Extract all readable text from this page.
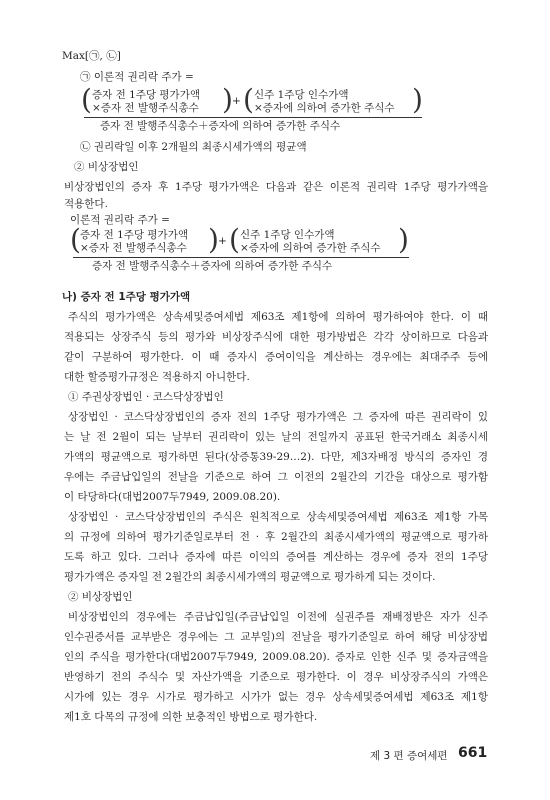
Max[㉠, ㉡]
㉠ 이론적 권리락 주가 =
( 증자 전 1주당 평가가액
×증자 전 발행주식총수 ) + ( 신주 1주당 인수가액
×증자에 의하여 증가한 주식수 )
증자 전 발행주식총수＋증자에 의하여 증가한 주식수
㉡ 권리락일 이후 2개월의 최종시세가액의 평균액
② 비상장법인
비상장법인의 증자 후 1주당 평가가액은 다음과 같은 이론적 권리락 1주당 평가가액을
적용한다.
이론적 권리락 주가 =
( 증자 전 1주당 평가가액
×증자 전 발행주식총수 ) + ( 신주 1주당 인수가액
×증자에 의하여 증가한 주식수 )
증자 전 발행주식총수＋증자에 의하여 증가한 주식수
나) 증자 전 1주당 평가가액
주식의 평가가액은 상속세및증여세법 제63조 제1항에 의하여 평가하여야 한다. 이 때
적용되는 상장주식 등의 평가와 비상장주식에 대한 평가방법은 각각 상이하므로 다음과
같이 구분하여 평가한다. 이 때 증자시 증여이익을 계산하는 경우에는 최대주주 등에
대한 할증평가규정은 적용하지 아니한다.
① 주권상장법인 · 코스닥상장법인
상장법인 · 코스닥상장법인의 증자 전의 1주당 평가가액은 그 증자에 따른 권리락이 있
는 날 전 2월이 되는 날부터 권리락이 있는 날의 전일까지 공표된 한국거래소 최종시세
가액의 평균액으로 평가하면 된다(상증통39-29…2). 다만, 제3자배정 방식의 증자인 경
우에는 주금납입일의 전날을 기준으로 하여 그 이전의 2월간의 기간을 대상으로 평가함
이 타당하다(대법2007두7949, 2009.08.20).
상장법인 · 코스닥상장법인의 주식은 원칙적으로 상속세및증여세법 제63조 제1항 가목
의 규정에 의하여 평가기준일로부터 전 · 후 2월간의 최종시세가액의 평균액으로 평가하
도록 하고 있다. 그러나 증자에 따른 이익의 증여를 계산하는 경우에 증자 전의 1주당
평가가액은 증자일 전 2월간의 최종시세가액의 평균액으로 평가하게 되는 것이다.
② 비상장법인
비상장법인의 경우에는 주금납입일(주금납입일 이전에 실권주를 재배정받은 자가 신주
인수권증서를 교부받은 경우에는 그 교부일)의 전날을 평가기준일로 하여 해당 비상장법
인의 주식을 평가한다(대법2007두7949, 2009.08.20). 증자로 인한 신주 및 증자금액을
반영하기 전의 주식수 및 자산가액을 기준으로 평가한다. 이 경우 비상장주식의 가액은
시가에 있는 경우 시가로 평가하고 시가가 없는 경우 상속세및증여세법 제63조 제1항
제1호 다목의 규정에 의한 보충적인 방법으로 평가한다.
제 3 편 증여세편 661
